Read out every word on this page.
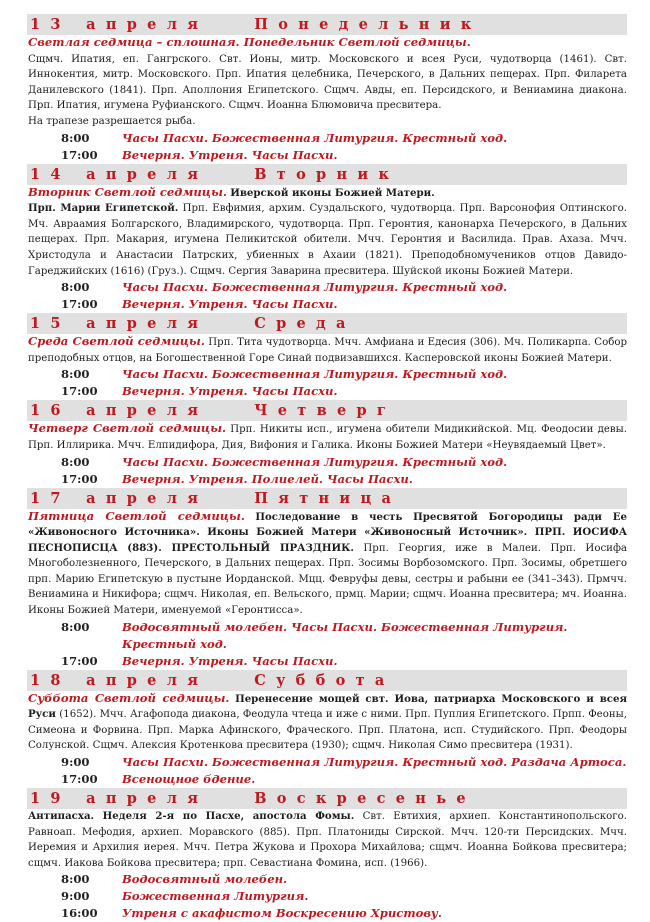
13 апреля	Понедельник

Светлая седмица – сплошная. Понедельник Светлой седмицы.
Сщмч. Ипатия, еп. Гангрского. Свт. Ионы, митр. Московского и всея Руси, чудотворца (1461). Свт. Иннокентия, митр. Московского. Прп. Ипатия целебника, Печерского, в Дальних пещерах. Прп. Филарета Данилевского (1841). Прп. Аполлония Египетского. Сщмч. Авды, еп. Персидского, и Вениамина диакона. Прп. Ипатия, игумена Руфианского. Сщмч. Иоанна Блюмовича пресвитера.
На трапезе разрешается рыба.

8:00	Часы Пасхи. Божественная Литургия. Крестный ход.
17:00 Вечерня. Утреня. Часы Пасхи.
14 апреля	Вторник

Вторник Светлой седмицы. Иверской иконы Божией Матери.
Прп. Марии Египетской. Прп. Евфимия, архим. Суздальского, чудотворца. Прп. Варсонофия Оптинского. Мч. Авраамия Болгарского, Владимирского, чудотворца. Прп. Геронтия, канонарха Печерского, в Дальних пещерах. Прп. Макария, игумена Пеликитской обители. Мчч. Геронтия и Василида. Прав. Ахаза. Мчч. Христодула и Анастасии Патрских, убиенных в Ахаии (1821). Преподобномучеников отцов Давидо-Гареджийских (1616) (Груз.). Сщмч. Сергия Заварина пресвитера. Шуйской иконы Божией Матери.

8:00	Часы Пасхи. Божественная Литургия. Крестный ход.
17:00 Вечерня. Утреня. Часы Пасхи.
15 апреля	Среда

Среда Светлой седмицы. Прп. Тита чудотворца. Мчч. Амфиана и Едесия (306). Мч. Поликарпа. Собор преподобных отцов, на Богошественной Горе Синай подвизавшихся. Касперовской иконы Божией Матери.

8:00	Часы Пасхи. Божественная Литургия. Крестный ход.
17:00 Вечерня. Утреня. Часы Пасхи.
16 апреля	Четверг

Четверг Светлой седмицы. Прп. Никиты исп., игумена обители Мидикийской. Мц. Феодосии девы. Прп. Иллирика. Мчч. Елпидифора, Дия, Вифония и Галика. Иконы Божией Матери «Неувядаемый Цвет».

8:00	Часы Пасхи. Божественная Литургия. Крестный ход.
17:00 Вечерня. Утреня. Полиелей. Часы Пасхи.
17 апреля	Пятница

Пятница Светлой седмицы. Последование в честь Пресвятой Богородицы ради Ее «Живоносного Источника». Иконы Божией Матери «Живоносный Источник». ПРП. ИОСИФА ПЕСНОПИСЦА (883). ПРЕСТОЛЬНЫЙ ПРАЗДНИК. Прп. Георгия, иже в Малеи. Прп. Иосифа Многоболезненного, Печерского, в Дальних пещерах. Прп. Зосимы Ворбозомского. Прп. Зосимы, обретшего прп. Марию Египетскую в пустыне Иорданской. Мцц. Февруфы девы, сестры и рабыни ее (341–343). Прмчч. Вениамина и Никифора; сщмч. Николая, еп. Вельского, прмц. Марии; сщмч. Иоанна пресвитера; мч. Иоанна. Иконы Божией Матери, именуемой «Геронтисса».

8:00	Водосвятный молебен. Часы Пасхи. Божественная Литургия.
Крестный ход.
17:00 Вечерня. Утреня. Часы Пасхи.
18 апреля	Суббота

Суббота Светлой седмицы. Перенесение мощей свт. Иова, патриарха Московского и всея Руси (1652). Мчч. Агафопода диакона, Феодула чтеца и иже с ними. Прп. Пуплия Египетского. Прпп. Феоны, Симеона и Форвина. Прп. Марка Афинского, Фраческого. Прп. Платона, исп. Студийского. Прп. Феодоры Солунской. Сщмч. Алексия Кротенкова пресвитера (1930); сщмч. Николая Симо пресвитера (1931).

9:00	Часы Пасхи. Божественная Литургия. Крестный ход. Раздача Артоса.
17:00 Всенощное бдение.
19 апреля	Воскресенье

Антипасха. Неделя 2-я по Пасхе, апостола Фомы. Свт. Евтихия, архиеп. Константинопольского. Равноап. Мефодия, архиеп. Моравского (885). Прп. Платониды Сирской. Мчч. 120-ти Персидских. Мчч. Иеремия и Архилия иерея. Мчч. Петра Жукова и Прохора Михайлова; сщмч. Иоанна Бойкова пресвитера; сщмч. Иакова Бойкова пресвитера; прп. Севастиана Фомина, исп. (1966).

8:00	Водосвятный молебен.
9:00	Божественная Литургия.
16:00 Утреня с акафистом Воскресению Христову.
